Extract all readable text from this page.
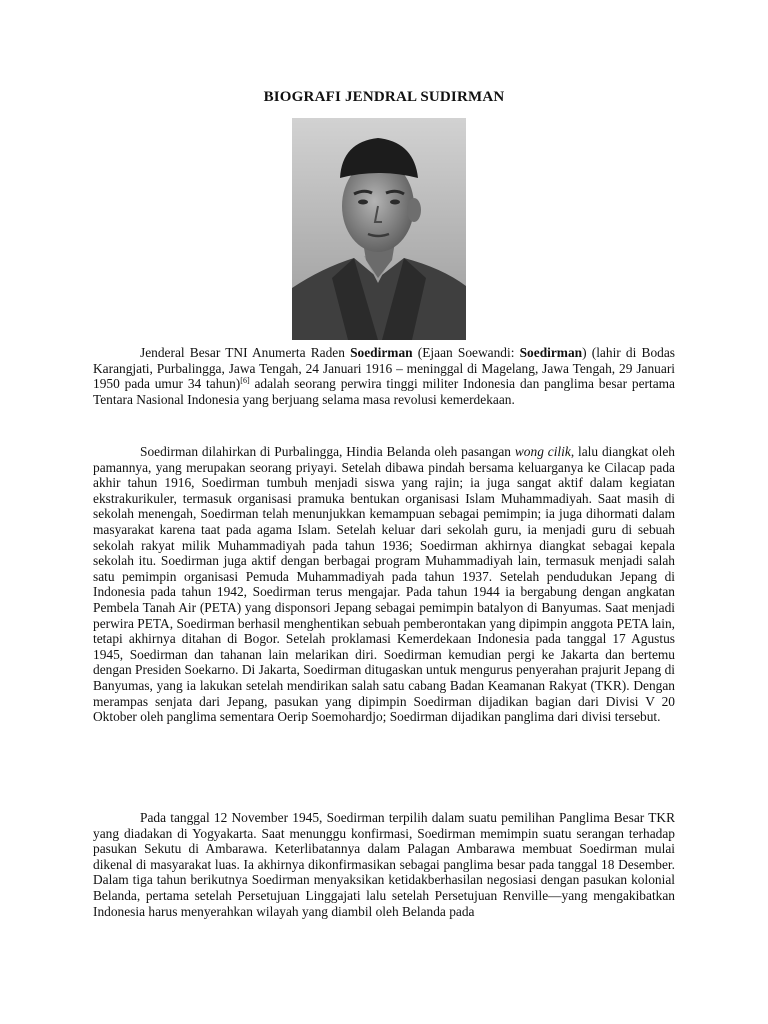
BIOGRAFI JENDRAL SUDIRMAN

Jenderal Besar TNI Anumerta Raden Soedirman (Ejaan Soewandi: Soedirman) (lahir di Bodas Karangjati, Purbalingga, Jawa Tengah, 24 Januari 1916 – meninggal di Magelang, Jawa Tengah, 29 Januari 1950 pada umur 34 tahun)[6] adalah seorang perwira tinggi militer Indonesia dan panglima besar pertama Tentara Nasional Indonesia yang berjuang selama masa revolusi kemerdekaan.

Soedirman dilahirkan di Purbalingga, Hindia Belanda oleh pasangan wong cilik, lalu diangkat oleh pamannya, yang merupakan seorang priyayi. Setelah dibawa pindah bersama keluarganya ke Cilacap pada akhir tahun 1916, Soedirman tumbuh menjadi siswa yang rajin; ia juga sangat aktif dalam kegiatan ekstrakurikuler, termasuk organisasi pramuka bentukan organisasi Islam Muhammadiyah. Saat masih di sekolah menengah, Soedirman telah menunjukkan kemampuan sebagai pemimpin; ia juga dihormati dalam masyarakat karena taat pada agama Islam. Setelah keluar dari sekolah guru, ia menjadi guru di sebuah sekolah rakyat milik Muhammadiyah pada tahun 1936; Soedirman akhirnya diangkat sebagai kepala sekolah itu. Soedirman juga aktif dengan berbagai program Muhammadiyah lain, termasuk menjadi salah satu pemimpin organisasi Pemuda Muhammadiyah pada tahun 1937. Setelah pendudukan Jepang di Indonesia pada tahun 1942, Soedirman terus mengajar. Pada tahun 1944 ia bergabung dengan angkatan Pembela Tanah Air (PETA) yang disponsori Jepang sebagai pemimpin batalyon di Banyumas. Saat menjadi perwira PETA, Soedirman berhasil menghentikan sebuah pemberontakan yang dipimpin anggota PETA lain, tetapi akhirnya ditahan di Bogor. Setelah proklamasi Kemerdekaan Indonesia pada tanggal 17 Agustus 1945, Soedirman dan tahanan lain melarikan diri. Soedirman kemudian pergi ke Jakarta dan bertemu dengan Presiden Soekarno. Di Jakarta, Soedirman ditugaskan untuk mengurus penyerahan prajurit Jepang di Banyumas, yang ia lakukan setelah mendirikan salah satu cabang Badan Keamanan Rakyat (TKR). Dengan merampas senjata dari Jepang, pasukan yang dipimpin Soedirman dijadikan bagian dari Divisi V 20 Oktober oleh panglima sementara Oerip Soemohardjo; Soedirman dijadikan panglima dari divisi tersebut.

Pada tanggal 12 November 1945, Soedirman terpilih dalam suatu pemilihan Panglima Besar TKR yang diadakan di Yogyakarta. Saat menunggu konfirmasi, Soedirman memimpin suatu serangan terhadap pasukan Sekutu di Ambarawa. Keterlibatannya dalam Palagan Ambarawa membuat Soedirman mulai dikenal di masyarakat luas. Ia akhirnya dikonfirmasikan sebagai panglima besar pada tanggal 18 Desember. Dalam tiga tahun berikutnya Soedirman menyaksikan ketidakberhasilan negosiasi dengan pasukan kolonial Belanda, pertama setelah Persetujuan Linggajati lalu setelah Persetujuan Renville—yang mengakibatkan Indonesia harus menyerahkan wilayah yang diambil oleh Belanda pada
